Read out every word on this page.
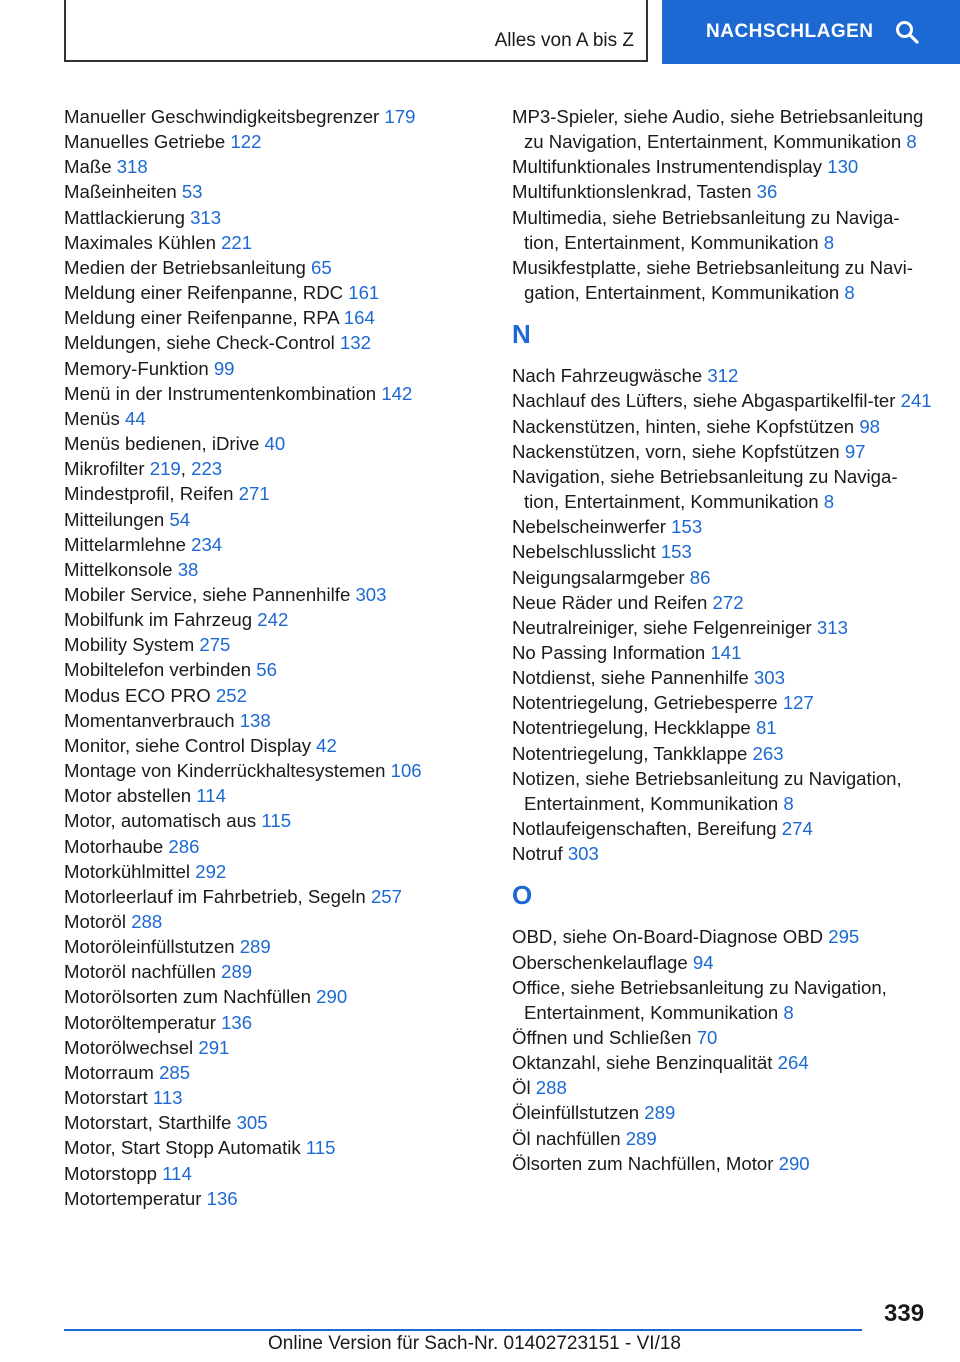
Alles von A bis Z	NACHSCHLAGEN
Manueller Geschwindigkeitsbegrenzer 179
Manuelles Getriebe 122
Maße 318
Maßeinheiten 53
Mattlackierung 313
Maximales Kühlen 221
Medien der Betriebsanleitung 65
Meldung einer Reifenpanne, RDC 161
Meldung einer Reifenpanne, RPA 164
Meldungen, siehe Check-Control 132
Memory-Funktion 99
Menü in der Instrumentenkombination 142
Menüs 44
Menüs bedienen, iDrive 40
Mikrofilter 219, 223
Mindestprofil, Reifen 271
Mitteilungen 54
Mittelarmlehne 234
Mittelkonsole 38
Mobiler Service, siehe Pannenhilfe 303
Mobilfunk im Fahrzeug 242
Mobility System 275
Mobiltelefon verbinden 56
Modus ECO PRO 252
Momentanverbrauch 138
Monitor, siehe Control Display 42
Montage von Kinderrückhaltesystemen 106
Motor abstellen 114
Motor, automatisch aus 115
Motorhaube 286
Motorkühlmittel 292
Motorleerlauf im Fahrbetrieb, Segeln 257
Motoröl 288
Motoröleinfüllstutzen 289
Motoröl nachfüllen 289
Motorölsorten zum Nachfüllen 290
Motoröltemperatur 136
Motorölwechsel 291
Motorraum 285
Motorstart 113
Motorstart, Starthilfe 305
Motor, Start Stopp Automatik 115
Motorstopp 114
Motortemperatur 136
MP3-Spieler, siehe Audio, siehe Betriebsanleitung zu Navigation, Entertainment, Kommunikation 8
Multifunktionales Instrumentendisplay 130
Multifunktionslenkrad, Tasten 36
Multimedia, siehe Betriebsanleitung zu Naviga-tion, Entertainment, Kommunikation 8
Musikfestplatte, siehe Betriebsanleitung zu Navi-gation, Entertainment, Kommunikation 8
N
Nach Fahrzeugwäsche 312
Nachlauf des Lüfters, siehe Abgaspartikelfil-ter 241
Nackenstützen, hinten, siehe Kopfstützen 98
Nackenstützen, vorn, siehe Kopfstützen 97
Navigation, siehe Betriebsanleitung zu Naviga-tion, Entertainment, Kommunikation 8
Nebelscheinwerfer 153
Nebelschlusslicht 153
Neigungsalarmgeber 86
Neue Räder und Reifen 272
Neutralreiniger, siehe Felgenreiniger 313
No Passing Information 141
Notdienst, siehe Pannenhilfe 303
Notentriegelung, Getriebesperre 127
Notentriegelung, Heckklappe 81
Notentriegelung, Tankklappe 263
Notizen, siehe Betriebsanleitung zu Navigation, Entertainment, Kommunikation 8
Notlaufeigenschaften, Bereifung 274
Notruf 303
O
OBD, siehe On-Board-Diagnose OBD 295
Oberschenkelauflage 94
Office, siehe Betriebsanleitung zu Navigation, Entertainment, Kommunikation 8
Öffnen und Schließen 70
Oktanzahl, siehe Benzinqualität 264
Öl 288
Öleinfüllstutzen 289
Öl nachfüllen 289
Ölsorten zum Nachfüllen, Motor 290
339
Online Version für Sach-Nr. 01402723151 - VI/18
